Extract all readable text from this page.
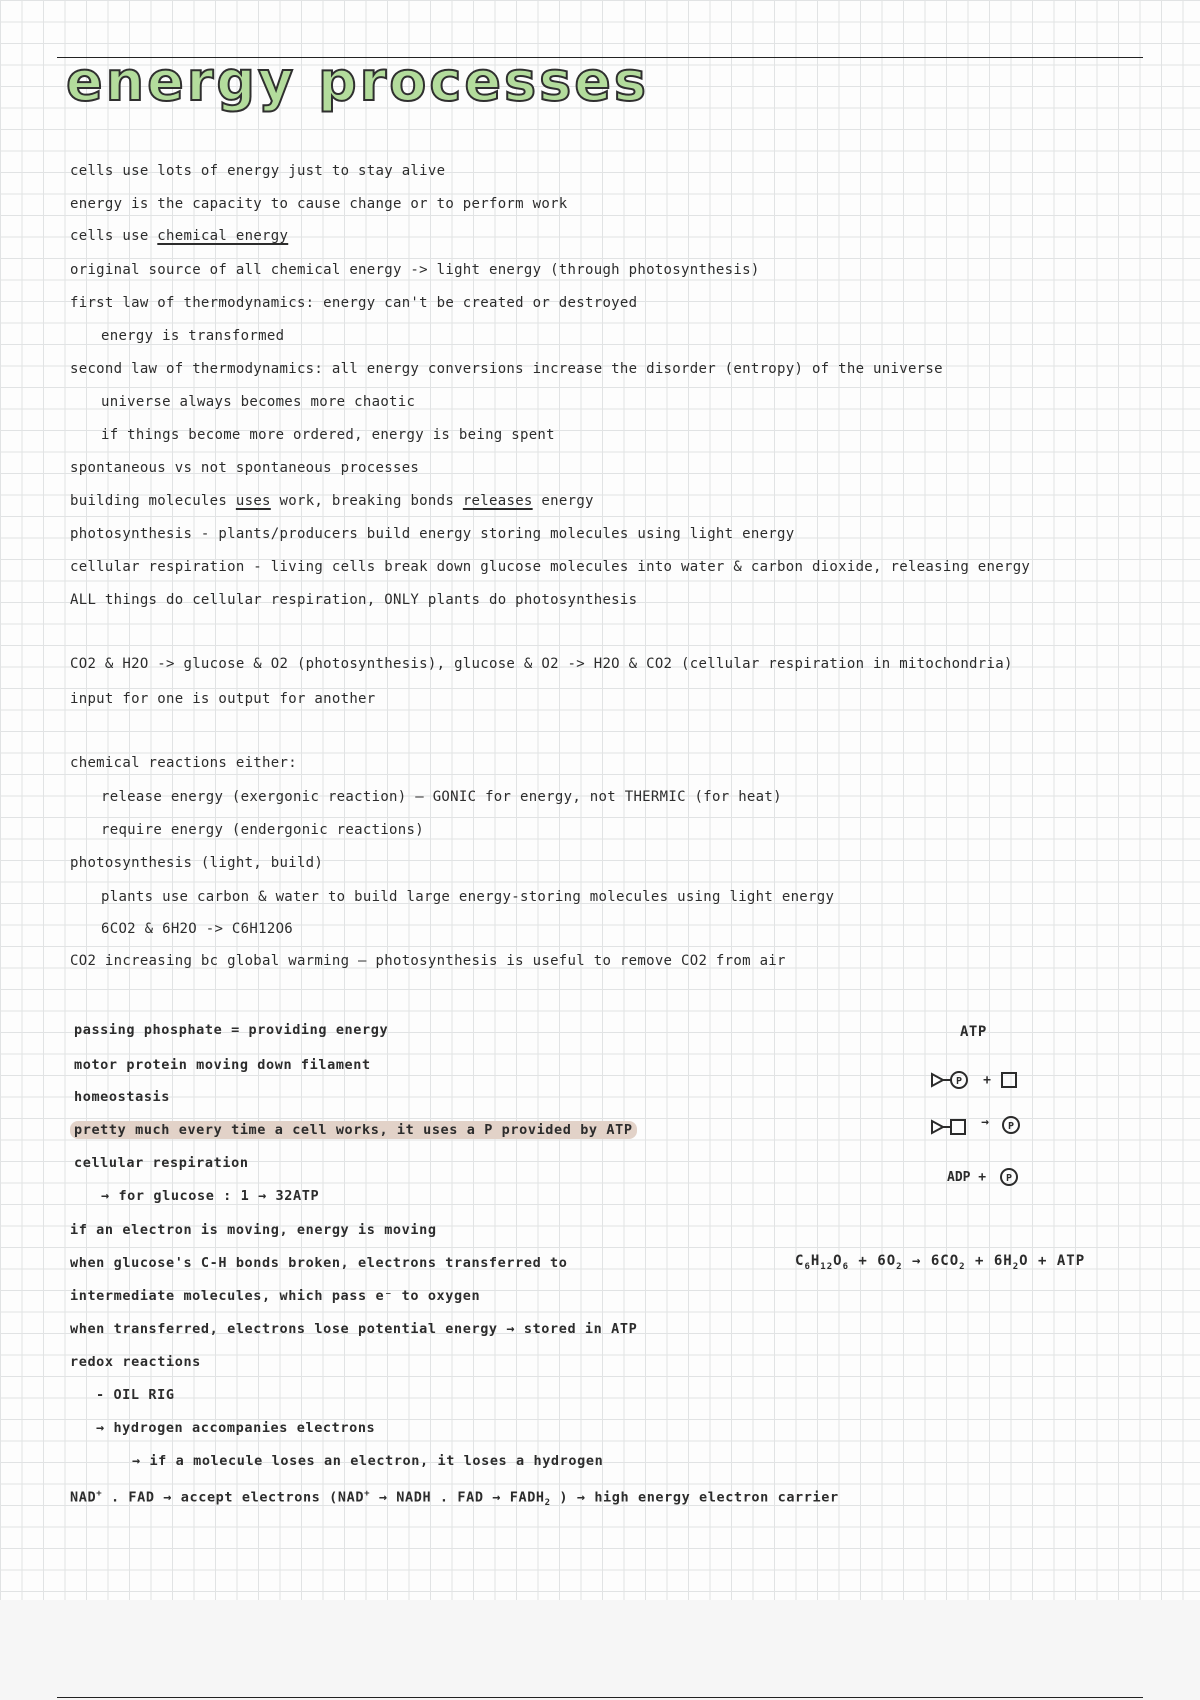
energy processes

cells use lots of energy just to stay alive

energy is the capacity to cause change or to perform work

cells use chemical energy

original source of all chemical energy -> light energy (through photosynthesis)

first law of thermodynamics: energy can't be created or destroyed

energy is transformed

second law of thermodynamics: all energy conversions increase the disorder (entropy) of the universe

universe always becomes more chaotic

if things become more ordered, energy is being spent

spontaneous vs not spontaneous processes

building molecules uses work, breaking bonds releases energy

photosynthesis - plants/producers build energy storing molecules using light energy

cellular respiration - living cells break down glucose molecules into water & carbon dioxide, releasing energy

ALL things do cellular respiration, ONLY plants do photosynthesis

CO2 & H2O -> glucose & O2 (photosynthesis), glucose & O2 -> H2O & CO2 (cellular respiration in mitochondria)

input for one is output for another

chemical reactions either:

release energy (exergonic reaction) — GONIC for energy, not THERMIC (for heat)

require energy (endergonic reactions)

photosynthesis (light, build)

plants use carbon & water to build large energy-storing molecules using light energy

6CO2 & 6H2O -> C6H12O6

CO2 increasing bc global warming — photosynthesis is useful to remove CO2 from air

passing phosphate = providing energy

motor protein moving down filament

homeostasis

pretty much every time a cell works, it uses a P provided by ATP

cellular respiration

→ for glucose : 1 → 32ATP

if an electron is moving, energy is moving

when glucose's C-H bonds broken, electrons transferred to

intermediate molecules, which pass e⁻ to oxygen

when transferred, electrons lose potential energy → stored in ATP

redox reactions

- OIL RIG

→ hydrogen accompanies electrons

→ if a molecule loses an electron, it loses a hydrogen

NAD+ . FAD → accept electrons (NAD+ → NADH . FAD → $FADH_2$ ) → high energy electron carrier

ATP
P +
→ P
ADP + P
$C_6H_{12}O_6 + 6O_2 \to 6CO_2 + 6H_2O$ + ATP
